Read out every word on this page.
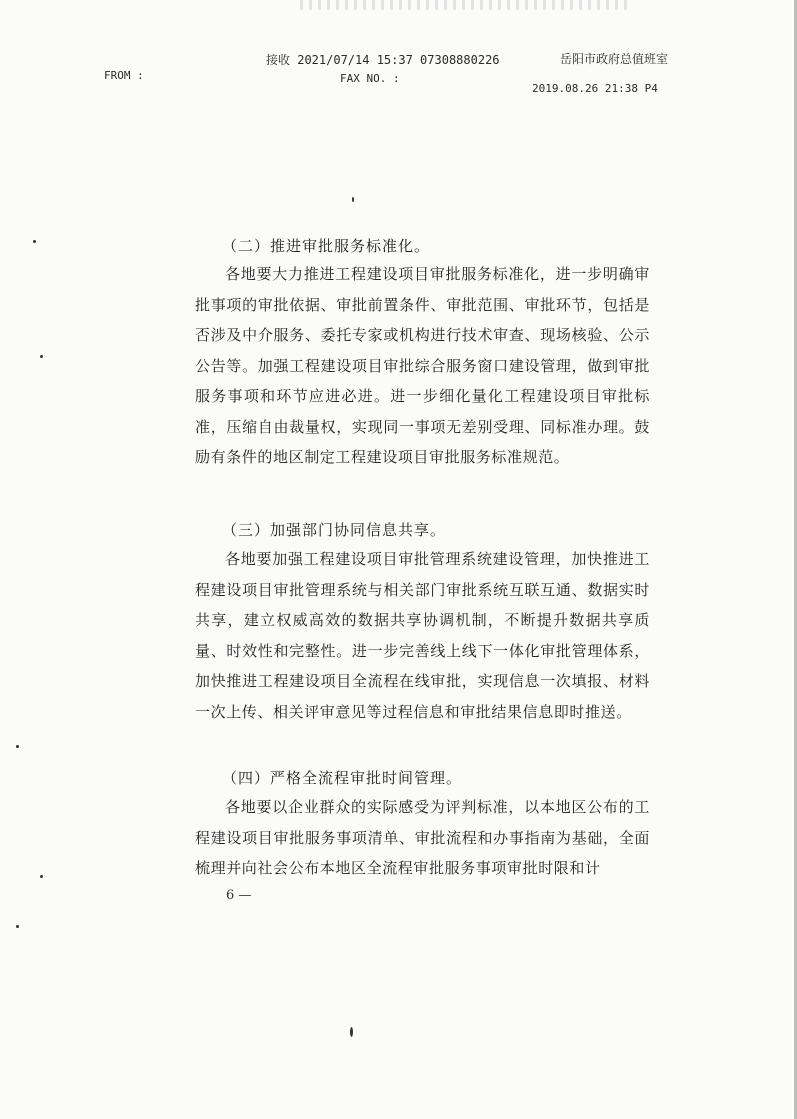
FROM :
接收 2021/07/14 15:37 07308880226	岳阳市政府总值班室
FAX NO. :
2019.08.26 21:38 P4
（二）推进审批服务标准化。

各地要大力推进工程建设项目审批服务标准化，进一步明确审批事项的审批依据、审批前置条件、审批范围、审批环节，包括是否涉及中介服务、委托专家或机构进行技术审查、现场核验、公示公告等。加强工程建设项目审批综合服务窗口建设管理，做到审批服务事项和环节应进必进。进一步细化量化工程建设项目审批标准，压缩自由裁量权，实现同一事项无差别受理、同标准办理。鼓励有条件的地区制定工程建设项目审批服务标准规范。

（三）加强部门协同信息共享。

各地要加强工程建设项目审批管理系统建设管理，加快推进工程建设项目审批管理系统与相关部门审批系统互联互通、数据实时共享，建立权威高效的数据共享协调机制，不断提升数据共享质量、时效性和完整性。进一步完善线上线下一体化审批管理体系，加快推进工程建设项目全流程在线审批，实现信息一次填报、材料一次上传、相关评审意见等过程信息和审批结果信息即时推送。

（四）严格全流程审批时间管理。

各地要以企业群众的实际感受为评判标准，以本地区公布的工程建设项目审批服务事项清单、审批流程和办事指南为基础，全面梳理并向社会公布本地区全流程审批服务事项审批时限和计

6 —
